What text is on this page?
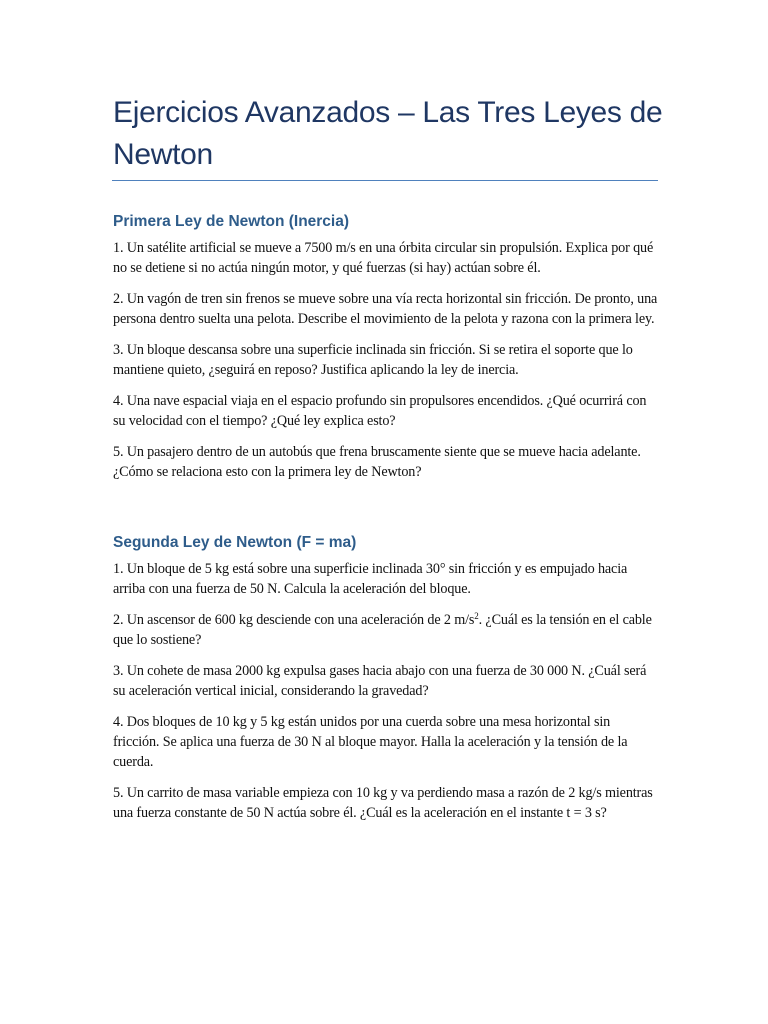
Ejercicios Avanzados – Las Tres Leyes de Newton
Primera Ley de Newton (Inercia)

1. Un satélite artificial se mueve a 7500 m/s en una órbita circular sin propulsión. Explica por qué no se detiene si no actúa ningún motor, y qué fuerzas (si hay) actúan sobre él.

2. Un vagón de tren sin frenos se mueve sobre una vía recta horizontal sin fricción. De pronto, una persona dentro suelta una pelota. Describe el movimiento de la pelota y razona con la primera ley.

3. Un bloque descansa sobre una superficie inclinada sin fricción. Si se retira el soporte que lo mantiene quieto, ¿seguirá en reposo? Justifica aplicando la ley de inercia.

4. Una nave espacial viaja en el espacio profundo sin propulsores encendidos. ¿Qué ocurrirá con su velocidad con el tiempo? ¿Qué ley explica esto?

5. Un pasajero dentro de un autobús que frena bruscamente siente que se mueve hacia adelante. ¿Cómo se relaciona esto con la primera ley de Newton?

Segunda Ley de Newton (F = ma)

1. Un bloque de 5 kg está sobre una superficie inclinada 30° sin fricción y es empujado hacia arriba con una fuerza de 50 N. Calcula la aceleración del bloque.

2. Un ascensor de 600 kg desciende con una aceleración de 2 $m/s^2$. ¿Cuál es la tensión en el cable que lo sostiene?

3. Un cohete de masa 2000 kg expulsa gases hacia abajo con una fuerza de 30 000 N. ¿Cuál será su aceleración vertical inicial, considerando la gravedad?

4. Dos bloques de 10 kg y 5 kg están unidos por una cuerda sobre una mesa horizontal sin fricción. Se aplica una fuerza de 30 N al bloque mayor. Halla la aceleración y la tensión de la cuerda.

5. Un carrito de masa variable empieza con 10 kg y va perdiendo masa a razón de 2 kg/s mientras una fuerza constante de 50 N actúa sobre él. ¿Cuál es la aceleración en el instante t = 3 s?
